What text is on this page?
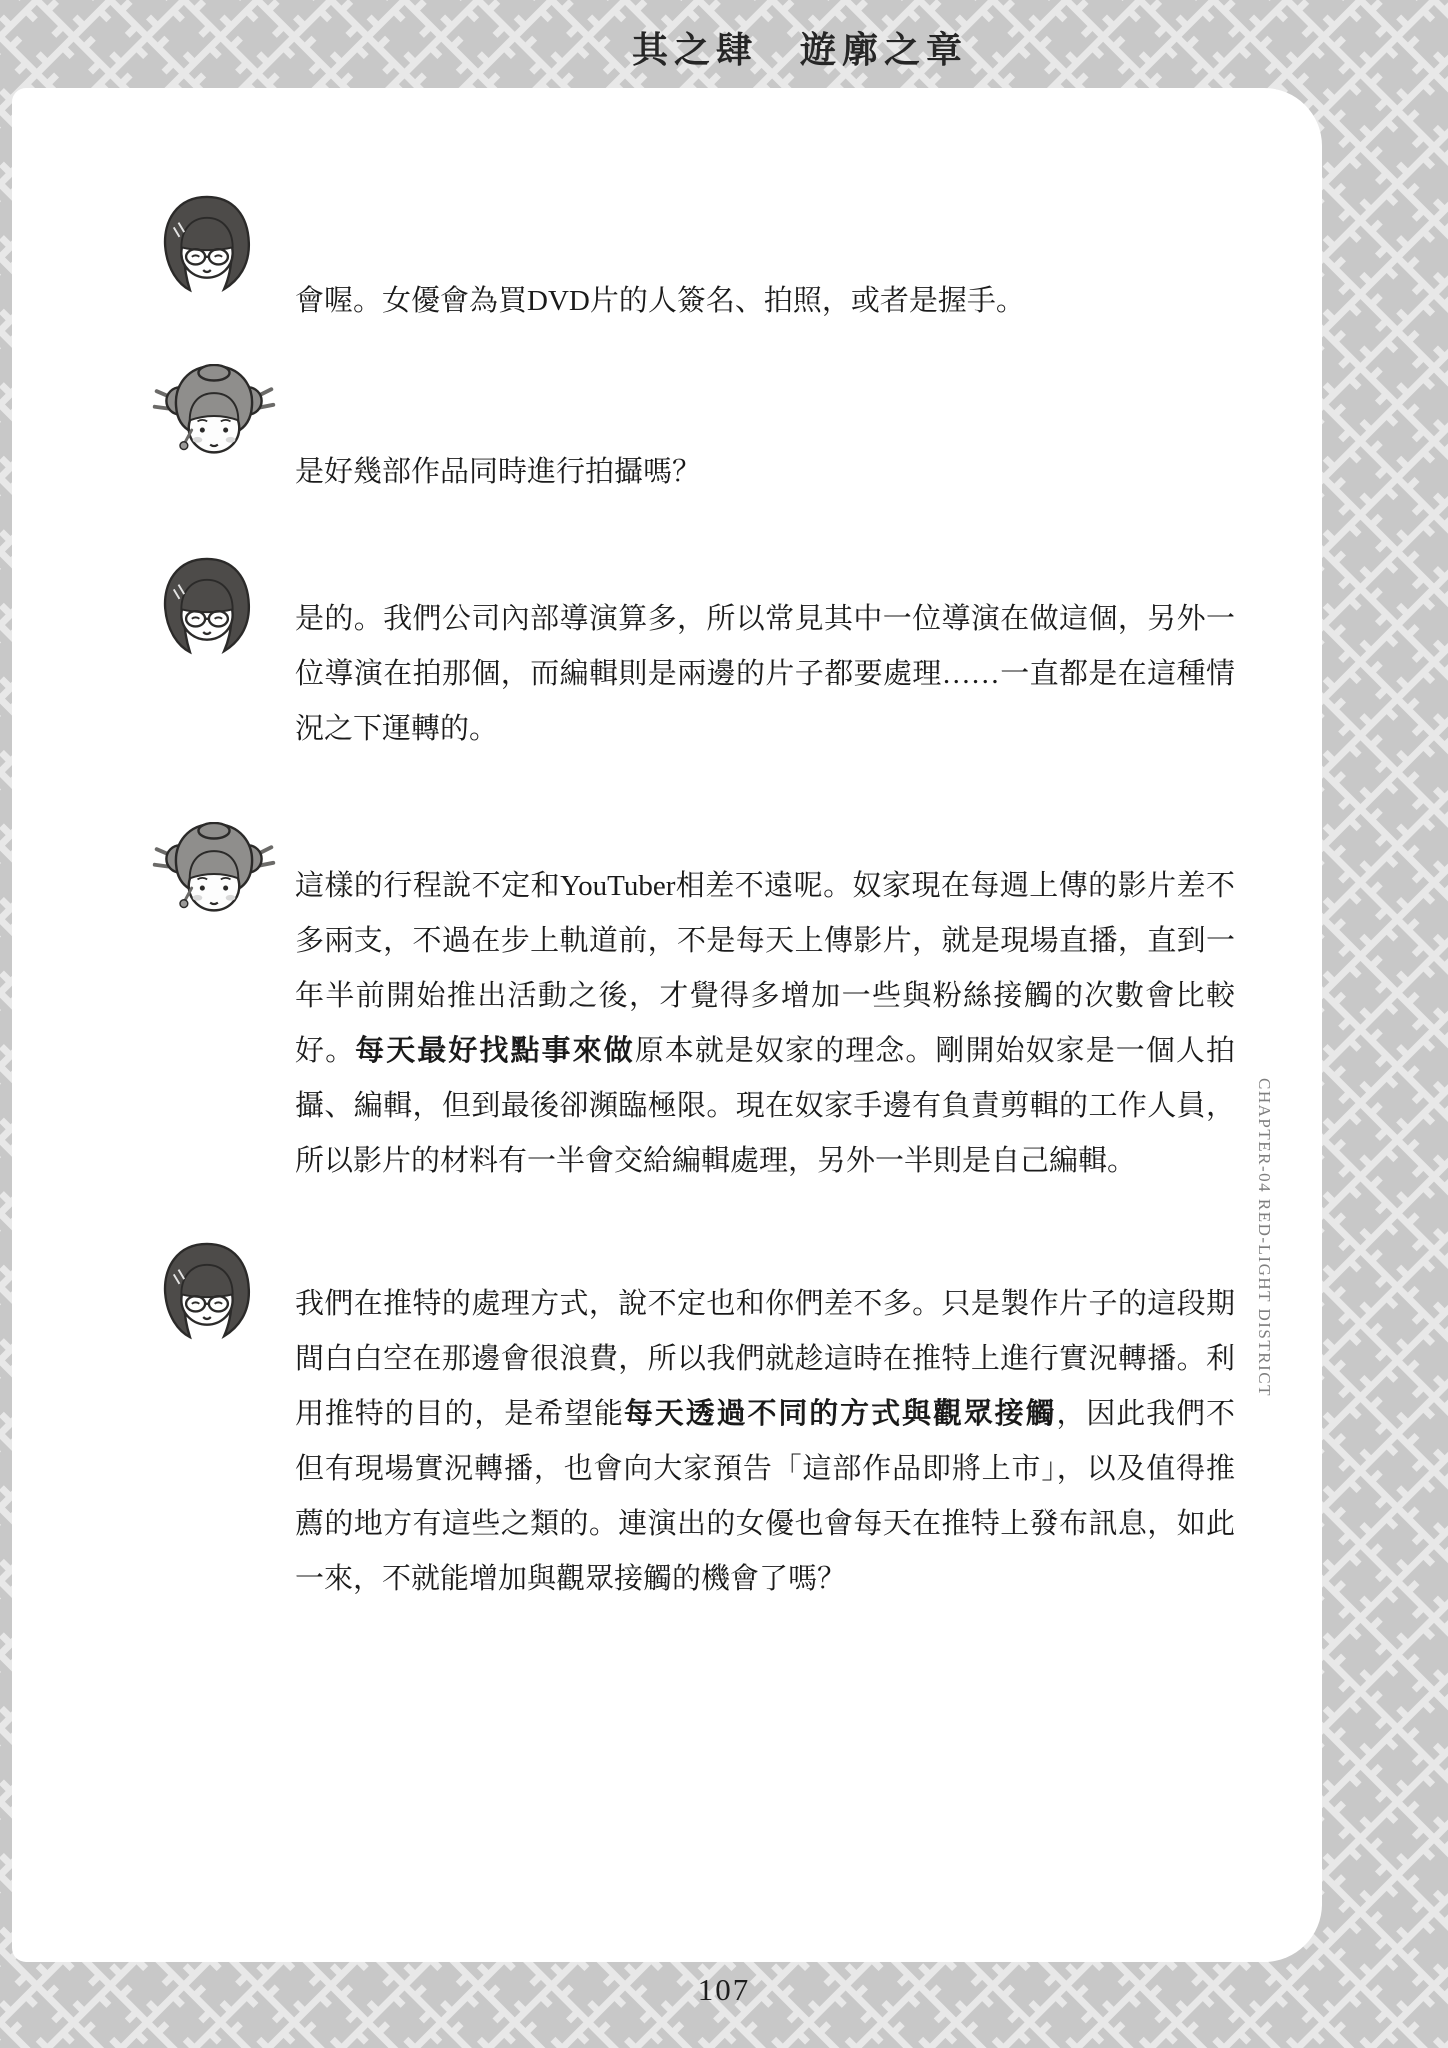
其之肆　遊廓之章

會喔。女優會為買DVD片的人簽名、拍照，或者是握手。

是好幾部作品同時進行拍攝嗎？

是的。我們公司內部導演算多，所以常見其中一位導演在做這個，另外一位導演在拍那個，而編輯則是兩邊的片子都要處理……一直都是在這種情況之下運轉的。

這樣的行程說不定和YouTuber相差不遠呢。奴家現在每週上傳的影片差不多兩支，不過在步上軌道前，不是每天上傳影片，就是現場直播，直到一年半前開始推出活動之後，才覺得多增加一些與粉絲接觸的次數會比較好。每天最好找點事來做原本就是奴家的理念。剛開始奴家是一個人拍攝、編輯，但到最後卻瀕臨極限。現在奴家手邊有負責剪輯的工作人員，所以影片的材料有一半會交給編輯處理，另外一半則是自己編輯。

我們在推特的處理方式，說不定也和你們差不多。只是製作片子的這段期間白白空在那邊會很浪費，所以我們就趁這時在推特上進行實況轉播。利用推特的目的，是希望能每天透過不同的方式與觀眾接觸，因此我們不但有現場實況轉播，也會向大家預告「這部作品即將上市」，以及值得推薦的地方有這些之類的。連演出的女優也會每天在推特上發布訊息，如此一來，不就能增加與觀眾接觸的機會了嗎？

CHAPTER-04 RED-LIGHT DISTRICT
107
